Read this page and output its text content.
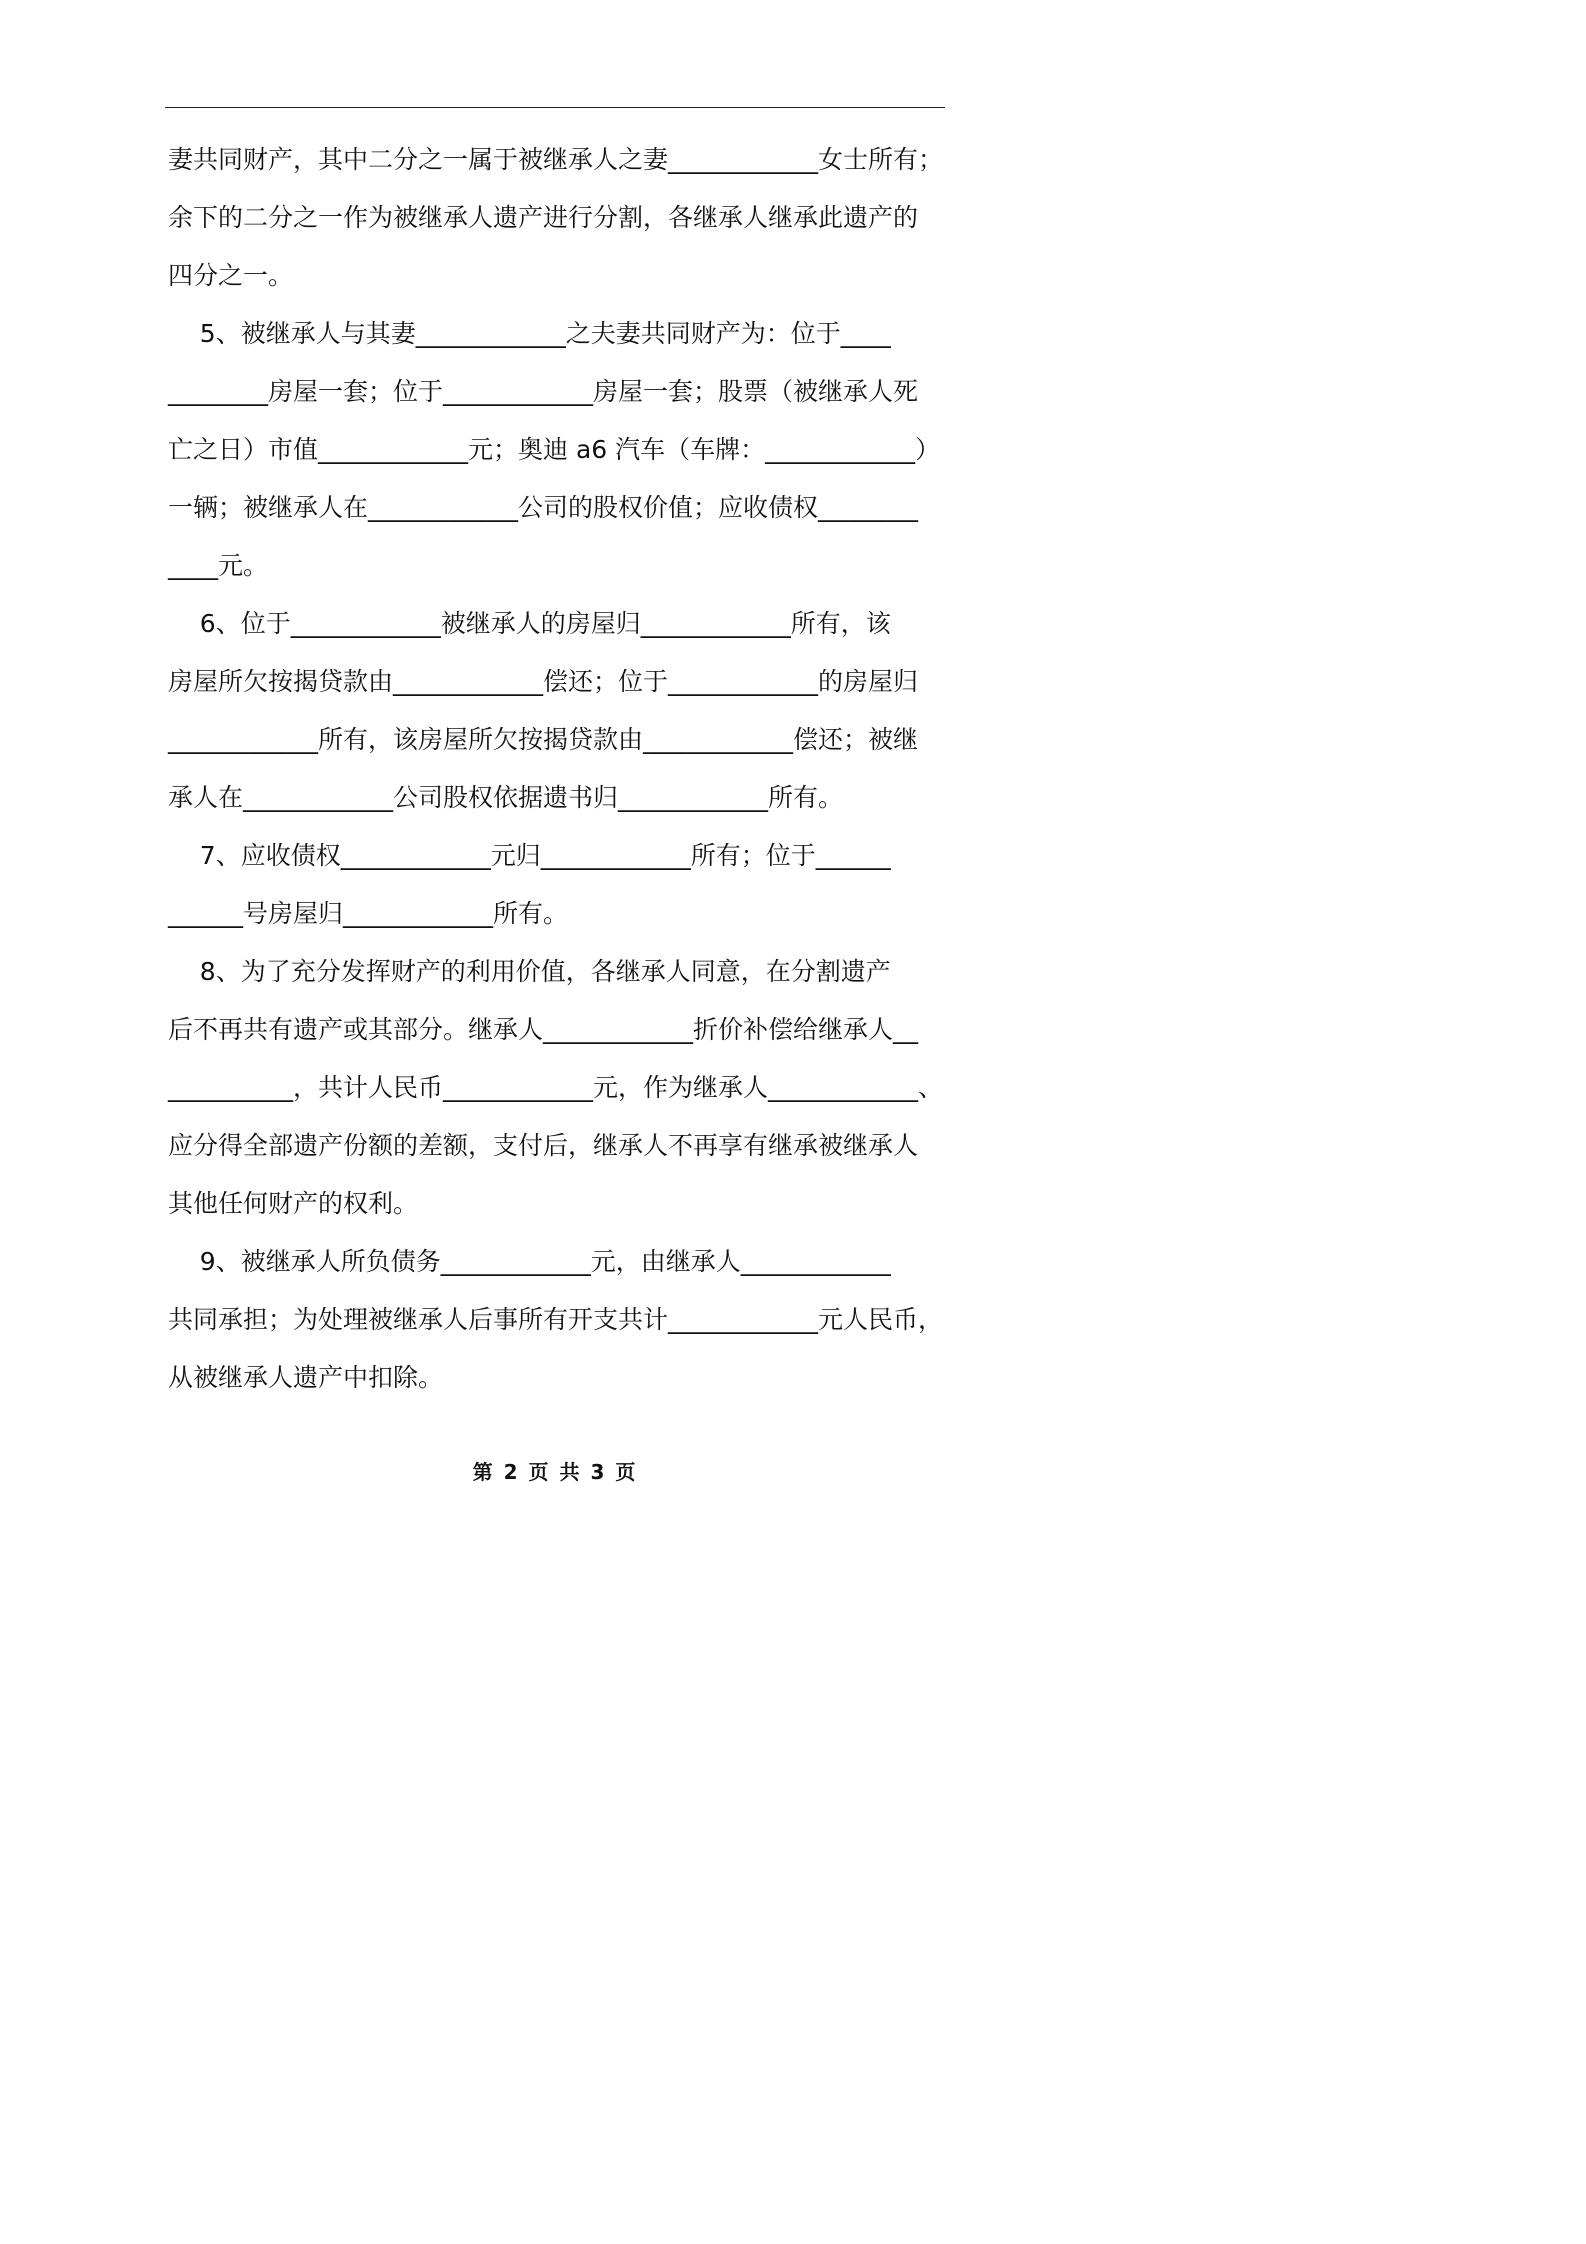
妻共同财产，其中二分之一属于被继承人之妻____________女士所有；
余下的二分之一作为被继承人遗产进行分割，各继承人继承此遗产的
四分之一。
5、被继承人与其妻____________之夫妻共同财产为：位于____
________房屋一套；位于____________房屋一套；股票（被继承人死
亡之日）市值____________元；奥迪 a6 汽车（车牌：____________）
一辆；被继承人在____________公司的股权价值；应收债权________
____元。
6、位于____________被继承人的房屋归____________所有，该
房屋所欠按揭贷款由____________偿还；位于____________的房屋归
____________所有，该房屋所欠按揭贷款由____________偿还；被继
承人在____________公司股权依据遗书归____________所有。
7、应收债权____________元归____________所有；位于______
______号房屋归____________所有。
8、为了充分发挥财产的利用价值，各继承人同意，在分割遗产
后不再共有遗产或其部分。继承人____________折价补偿给继承人__
__________，共计人民币____________元，作为继承人____________、
应分得全部遗产份额的差额，支付后，继承人不再享有继承被继承人
其他任何财产的权利。
9、被继承人所负债务____________元，由继承人____________
共同承担；为处理被继承人后事所有开支共计____________元人民币，
从被继承人遗产中扣除。
第 2 页 共 3 页
